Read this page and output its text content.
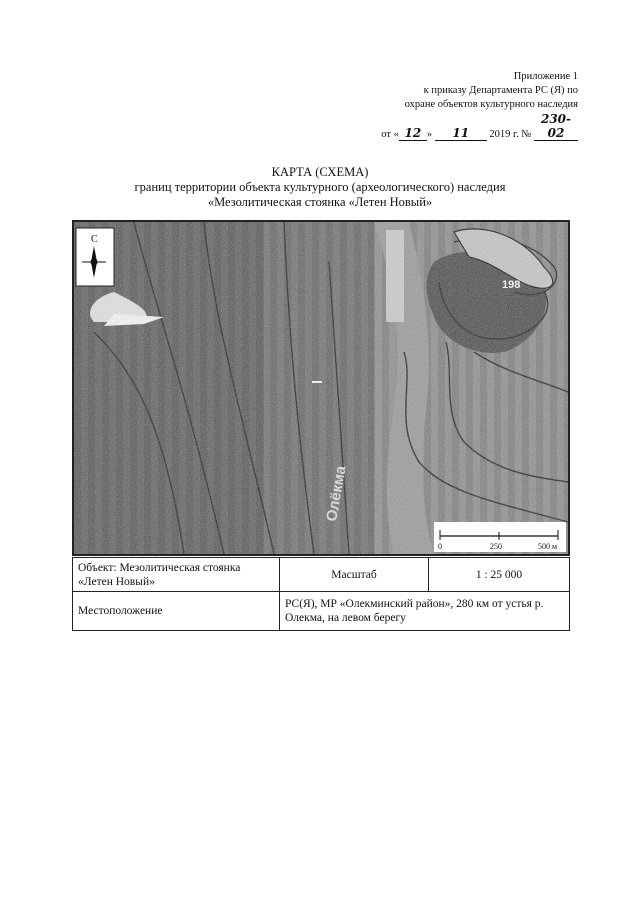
Приложение 1
к приказу Департамента РС (Я) по
охране объектов культурного наследия
от « 12 » 11 2019 г. № 230-02
КАРТА (СХЕМА)
границ территории объекта культурного (археологического) наследия
«Мезолитическая стоянка «Летен Новый»
С
198
Олёкма
0	250	500 м
Объект: Мезолитическая стоянка «Летен Новый»	Масштаб	1 : 25 000
Местоположение	РС(Я), МР «Олекминский район», 280 км от устья р. Олекма, на левом берегу	
